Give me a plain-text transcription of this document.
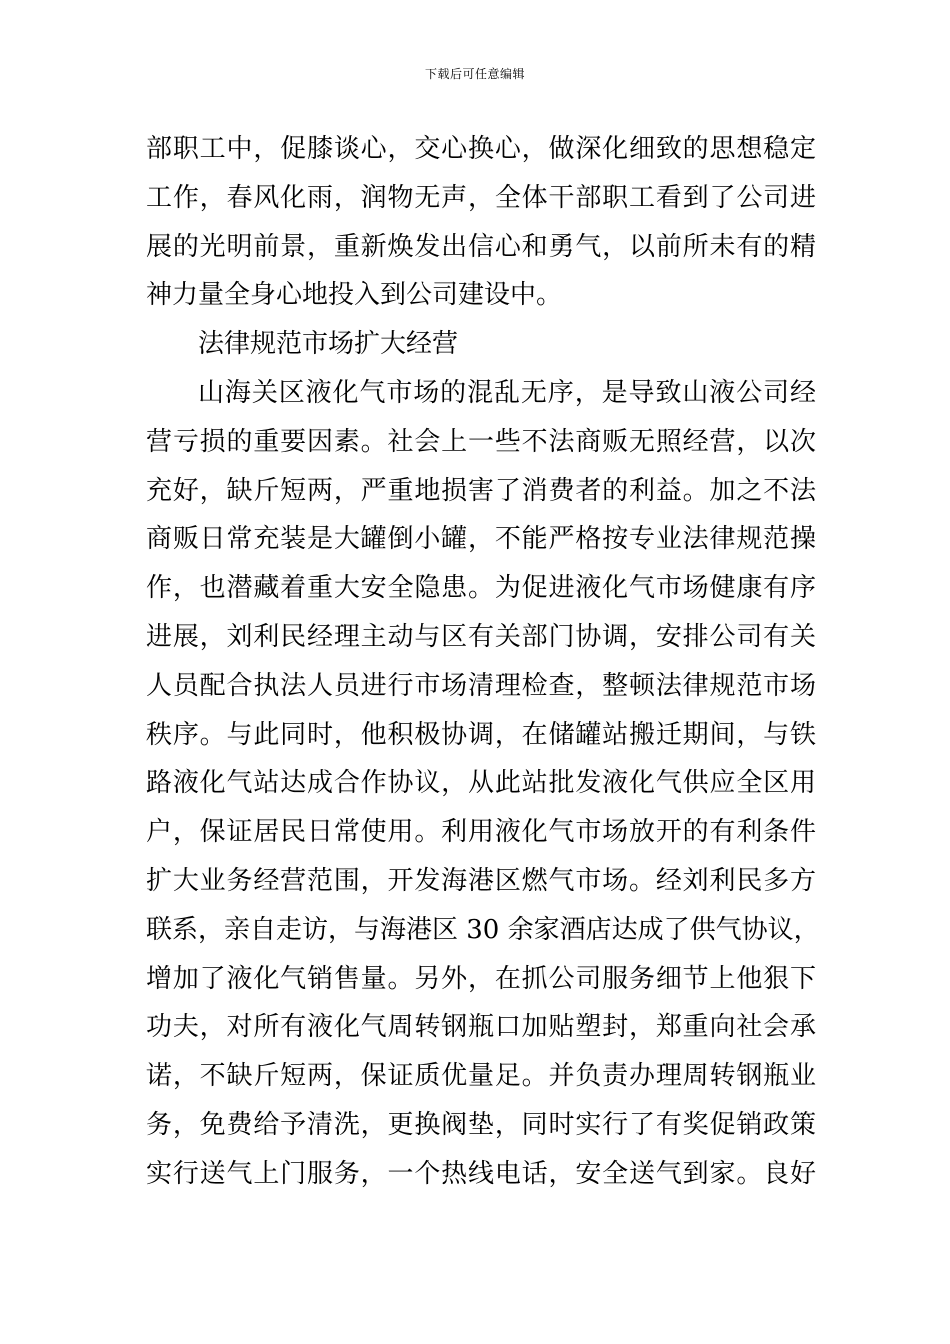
下载后可任意编辑
部职工中，促膝谈心，交心换心，做深化细致的思想稳定
工作，春风化雨，润物无声，全体干部职工看到了公司进
展的光明前景，重新焕发出信心和勇气，以前所未有的精
神力量全身心地投入到公司建设中。
法律规范市场扩大经营
山海关区液化气市场的混乱无序，是导致山液公司经
营亏损的重要因素。社会上一些不法商贩无照经营，以次
充好，缺斤短两，严重地损害了消费者的利益。加之不法
商贩日常充装是大罐倒小罐，不能严格按专业法律规范操
作，也潜藏着重大安全隐患。为促进液化气市场健康有序
进展，刘利民经理主动与区有关部门协调，安排公司有关
人员配合执法人员进行市场清理检查，整顿法律规范市场
秩序。与此同时，他积极协调，在储罐站搬迁期间，与铁
路液化气站达成合作协议，从此站批发液化气供应全区用
户，保证居民日常使用。利用液化气市场放开的有利条件
扩大业务经营范围，开发海港区燃气市场。经刘利民多方
联系，亲自走访，与海港区 30 余家酒店达成了供气协议，
增加了液化气销售量。另外，在抓公司服务细节上他狠下
功夫，对所有液化气周转钢瓶口加贴塑封，郑重向社会承
诺，不缺斤短两，保证质优量足。并负责办理周转钢瓶业
务，免费给予清洗，更换阀垫，同时实行了有奖促销政策
实行送气上门服务，一个热线电话，安全送气到家。良好
